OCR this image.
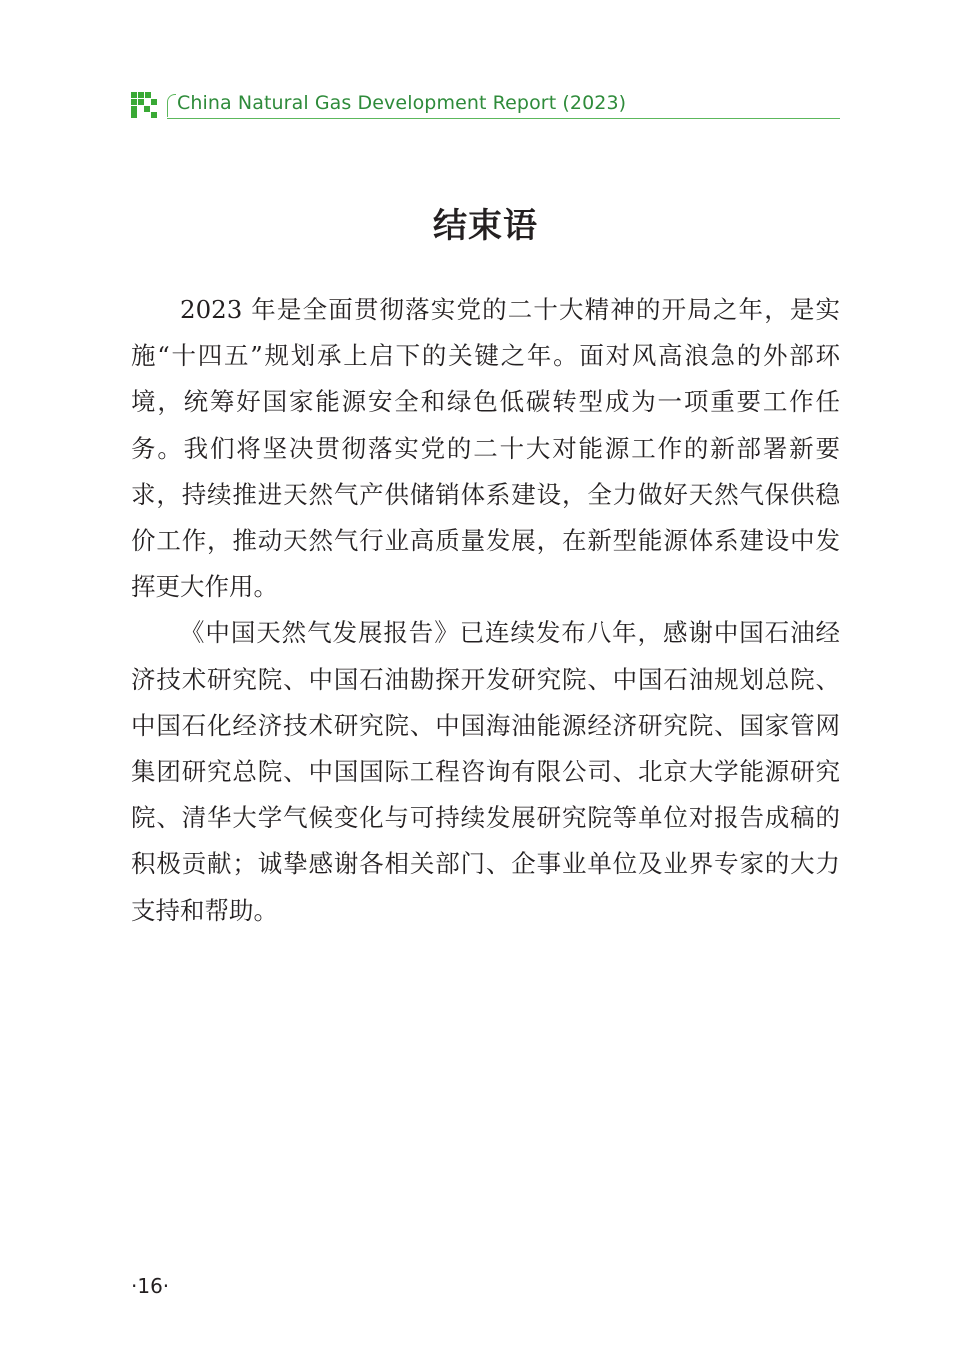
China Natural Gas Development Report (2023)
结束语

2023 年是全面贯彻落实党的二十大精神的开局之年，是实施“十四五”规划承上启下的关键之年。面对风高浪急的外部环境，统筹好国家能源安全和绿色低碳转型成为一项重要工作任务。我们将坚决贯彻落实党的二十大对能源工作的新部署新要求，持续推进天然气产供储销体系建设，全力做好天然气保供稳价工作，推动天然气行业高质量发展，在新型能源体系建设中发挥更大作用。

《中国天然气发展报告》已连续发布八年，感谢中国石油经济技术研究院、中国石油勘探开发研究院、中国石油规划总院、中国石化经济技术研究院、中国海油能源经济研究院、国家管网集团研究总院、中国国际工程咨询有限公司、北京大学能源研究院、清华大学气候变化与可持续发展研究院等单位对报告成稿的积极贡献；诚挚感谢各相关部门、企事业单位及业界专家的大力支持和帮助。

·16·
